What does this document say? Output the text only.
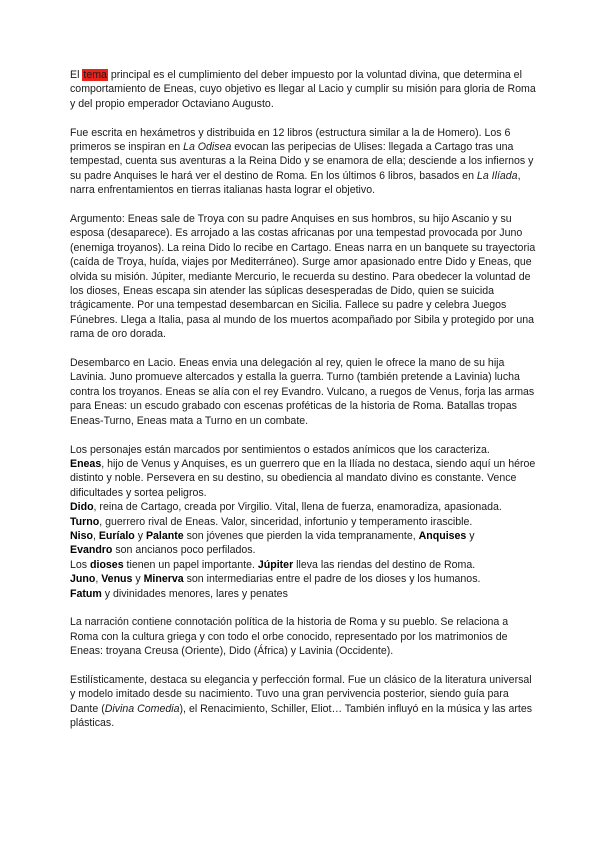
El tema principal es el cumplimiento del deber impuesto por la voluntad divina, que determina el comportamiento de Eneas, cuyo objetivo es llegar al Lacio y cumplir su misión para gloria de Roma y del propio emperador Octaviano Augusto.

Fue escrita en hexámetros y distribuida en 12 libros (estructura similar a la de Homero). Los 6 primeros se inspiran en La Odisea evocan las peripecias de Ulises: llegada a Cartago tras una tempestad, cuenta sus aventuras a la Reina Dido y se enamora de ella; desciende a los infiernos y su padre Anquises le hará ver el destino de Roma. En los últimos 6 libros, basados en La Ilíada, narra enfrentamientos en tierras italianas hasta lograr el objetivo.

Argumento: Eneas sale de Troya con su padre Anquises en sus hombros, su hijo Ascanio y su esposa (desaparece). Es arrojado a las costas africanas por una tempestad provocada por Juno (enemiga troyanos). La reina Dido lo recibe en Cartago. Eneas narra en un banquete su trayectoria (caída de Troya, huída, viajes por Mediterráneo). Surge amor apasionado entre Dido y Eneas, que olvida su misión. Júpiter, mediante Mercurio, le recuerda su destino. Para obedecer la voluntad de los dioses, Eneas escapa sin atender las súplicas desesperadas de Dido, quien se suicida trágicamente. Por una tempestad desembarcan en Sicilia. Fallece su padre y celebra Juegos Fúnebres. Llega a Italia, pasa al mundo de los muertos acompañado por Sibila y protegido por una rama de oro dorada.

Desembarco en Lacio. Eneas envia una delegación al rey, quien le ofrece la mano de su hija Lavinia. Juno promueve altercados y estalla la guerra. Turno (también pretende a Lavinia) lucha contra los troyanos. Eneas se alía con el rey Evandro. Vulcano, a ruegos de Venus, forja las armas para Eneas: un escudo grabado con escenas proféticas de la historia de Roma. Batallas tropas Eneas-Turno, Eneas mata a Turno en un combate.

Los personajes están marcados por sentimientos o estados anímicos que los caracteriza.

Eneas, hijo de Venus y Anquises, es un guerrero que en la Ilíada no destaca, siendo aquí un héroe distinto y noble. Persevera en su destino, su obediencia al mandato divino es constante. Vence dificultades y sortea peligros.

Dido, reina de Cartago, creada por Virgilio. Vital, llena de fuerza, enamoradiza, apasionada.

Turno, guerrero rival de Eneas. Valor, sinceridad, infortunio y temperamento irascible.

Niso, Euríalo y Palante son jóvenes que pierden la vida tempranamente, Anquises y
Evandro son ancianos poco perfilados.

Los dioses tienen un papel importante. Júpiter lleva las riendas del destino de Roma.

Juno, Venus y Minerva son intermediarias entre el padre de los dioses y los humanos.

Fatum y divinidades menores, lares y penates

La narración contiene connotación política de la historia de Roma y su pueblo. Se relaciona a Roma con la cultura griega y con todo el orbe conocido, representado por los matrimonios de Eneas: troyana Creusa (Oriente), Dido (África) y Lavinia (Occidente).

Estilísticamente, destaca su elegancia y perfección formal. Fue un clásico de la literatura universal y modelo imitado desde su nacimiento. Tuvo una gran pervivencia posterior, siendo guía para Dante (Divina Comedia), el Renacimiento, Schiller, Eliot… También influyó en la música y las artes plásticas.
